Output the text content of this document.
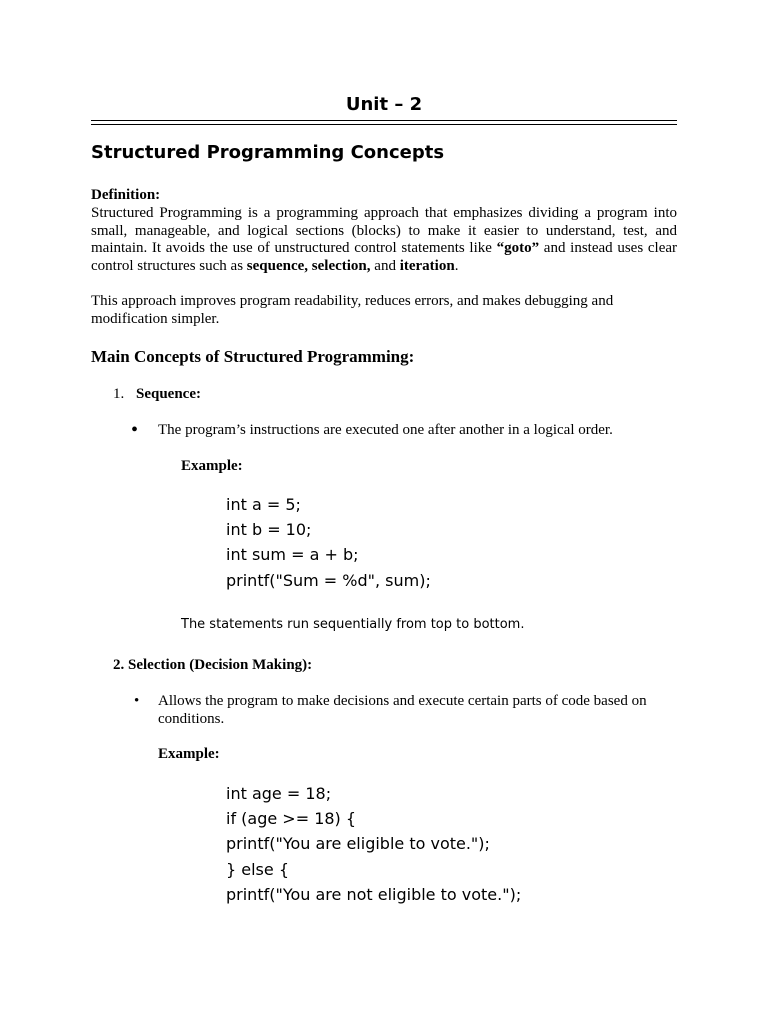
Unit – 2
Structured Programming Concepts
Definition:
Structured Programming is a programming approach that emphasizes dividing a program into small, manageable, and logical sections (blocks) to make it easier to understand, test, and maintain. It avoids the use of unstructured control statements like “goto” and instead uses clear control structures such as sequence, selection, and iteration.
This approach improves program readability, reduces errors, and makes debugging and modification simpler.
Main Concepts of Structured Programming:
1. Sequence:
• The program’s instructions are executed one after another in a logical order.
Example:
int a = 5;
int b = 10;
int sum = a + b;
printf("Sum = %d", sum);
The statements run sequentially from top to bottom.
2. Selection (Decision Making):
• Allows the program to make decisions and execute certain parts of code based on conditions.
Example:
int age = 18;
if (age >= 18) {
printf("You are eligible to vote.");
} else {
printf("You are not eligible to vote.");
